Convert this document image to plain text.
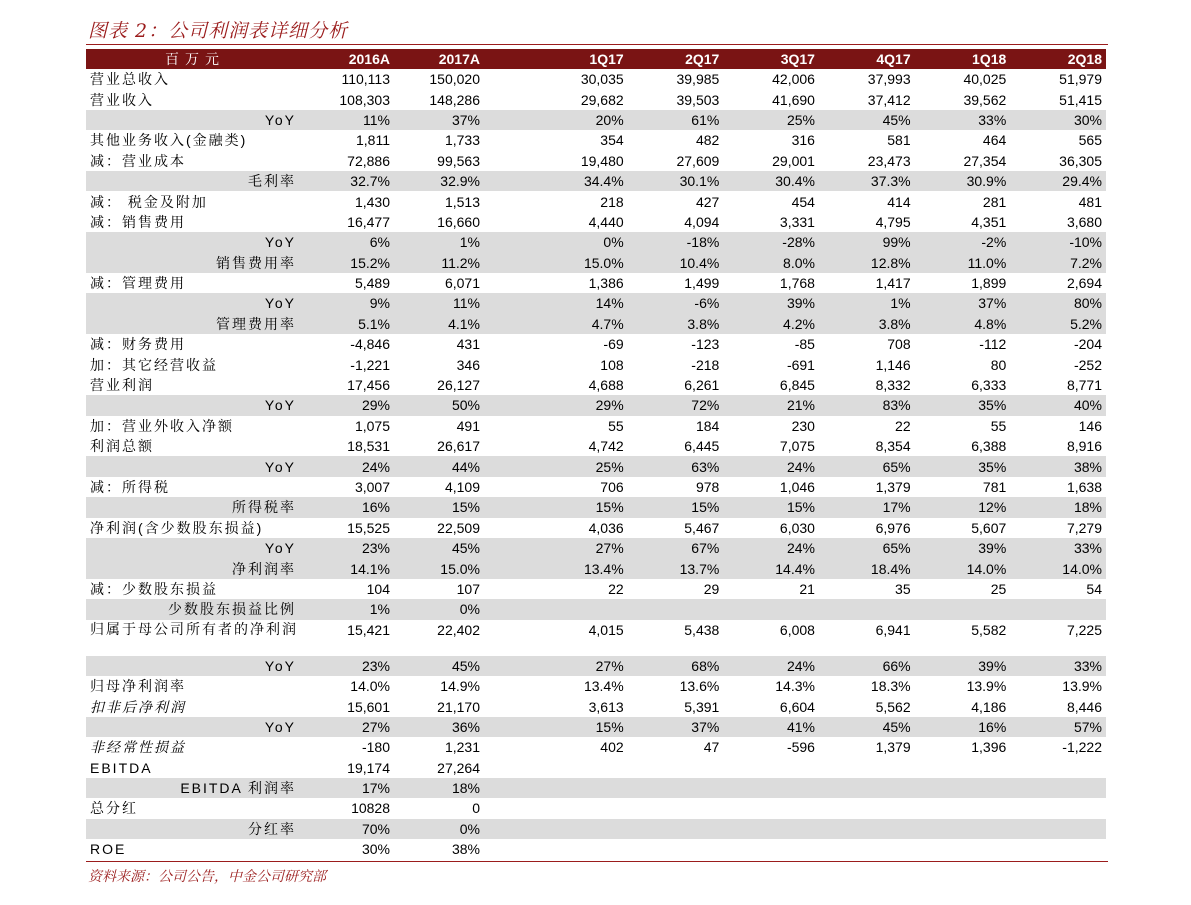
图表 2：公司利润表详细分析
百万元	2016A	2017A		1Q17	2Q17	3Q17	4Q17	1Q18	2Q18
营业总收入	110,113	150,020		30,035	39,985	42,006	37,993	40,025	51,979
营业收入	108,303	148,286		29,682	39,503	41,690	37,412	39,562	51,415
YoY	11%	37%		20%	61%	25%	45%	33%	30%
其他业务收入(金融类)	1,811	1,733		354	482	316	581	464	565
减：营业成本	72,886	99,563		19,480	27,609	29,001	23,473	27,354	36,305
毛利率	32.7%	32.9%		34.4%	30.1%	30.4%	37.3%	30.9%	29.4%
减： 税金及附加	1,430	1,513		218	427	454	414	281	481
减：销售费用	16,477	16,660		4,440	4,094	3,331	4,795	4,351	3,680
YoY	6%	1%		0%	-18%	-28%	99%	-2%	-10%
销售费用率	15.2%	11.2%		15.0%	10.4%	8.0%	12.8%	11.0%	7.2%
减：管理费用	5,489	6,071		1,386	1,499	1,768	1,417	1,899	2,694
YoY	9%	11%		14%	-6%	39%	1%	37%	80%
管理费用率	5.1%	4.1%		4.7%	3.8%	4.2%	3.8%	4.8%	5.2%
减：财务费用	-4,846	431		-69	-123	-85	708	-112	-204
加：其它经营收益	-1,221	346		108	-218	-691	1,146	80	-252
营业利润	17,456	26,127		4,688	6,261	6,845	8,332	6,333	8,771
YoY	29%	50%		29%	72%	21%	83%	35%	40%
加：营业外收入净额	1,075	491		55	184	230	22	55	146
利润总额	18,531	26,617		4,742	6,445	7,075	8,354	6,388	8,916
YoY	24%	44%		25%	63%	24%	65%	35%	38%
减：所得税	3,007	4,109		706	978	1,046	1,379	781	1,638
所得税率	16%	15%		15%	15%	15%	17%	12%	18%
净利润(含少数股东损益)	15,525	22,509		4,036	5,467	6,030	6,976	5,607	7,279
YoY	23%	45%		27%	67%	24%	65%	39%	33%
净利润率	14.1%	15.0%		13.4%	13.7%	14.4%	18.4%	14.0%	14.0%
减：少数股东损益	104	107		22	29	21	35	25	54
少数股东损益比例	1%	0%							
归属于母公司所有者的净利润	15,421	22,402		4,015	5,438	6,008	6,941	5,582	7,225
YoY	23%	45%		27%	68%	24%	66%	39%	33%
归母净利润率	14.0%	14.9%		13.4%	13.6%	14.3%	18.3%	13.9%	13.9%
扣非后净利润	15,601	21,170		3,613	5,391	6,604	5,562	4,186	8,446
YoY	27%	36%		15%	37%	41%	45%	16%	57%
非经常性损益	-180	1,231		402	47	-596	1,379	1,396	-1,222
EBITDA	19,174	27,264							
EBITDA 利润率	17%	18%							
总分红	10828	0							
分红率	70%	0%							
ROE	30%	38%							
资料来源：公司公告，中金公司研究部
